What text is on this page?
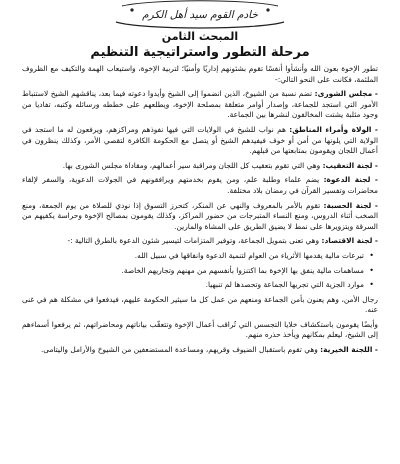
خادم القوم سيد أهل الكرم
المبحث الثامن
مرحلة التطور واستراتيجية التنظيم

تطور الإخوة بعون الله وأنشأوا أنفسًا تقوم بشئونهم إداريًا وأمنيًا؛ لتربية الإخوة، واستيعاب الهمة والتكيف مع الظروف الملئمة، فكانت على النحو التالي:-

- مجلس الشورى: تضم نسبة من الشيوخ، الذين انضموا إلى الشيخ وأيدوا دعوته فيما بعد، يناقشهم الشيخ لاستنباط الأمور التي استجد للجماعة، وإصدار أوامر متعلقة بمصلحة الإخوة، ويطلعهم على خططه ورسائله وكتبه، تفاديا من وجود مثلبة يشتت المخالفون لنشرها بين الجماعة.

- الولاة وأمراء المناطق: هم نواب للشيخ في الولايات التي فيها نفوذهم ومراكزهم، ويرفعون له ما استجد في الولاية التي يلونها من أمن أو خوف فيفيدهم الشيخ أو يتصل مع الحكومة الكافرة لتقصي الأمر، وكذلك ينظرون في أعمال اللجان ويقومون بمتابعتها من قبلهم.

- لجنة التعقيب: وهي التي تقوم بتعقيب كل اللجان ومراقبة سير أعمالهم، ومقاداة مجلس الشورى بها.

- لجنة الدعوة: يضم علماء وطلبة علم، ومن يقوم بخدمتهم ويرافقونهم في الجولات الدعوية، والسفر لإلقاء محاضرات وتفسير القرآن في رمضان بلاد مختلفة.

- لجنة الحسبة: تقوم بالأمر بالمعروف والنهي عن المنكر، كتحرز التسوق إذا نودي للصلاة من يوم الجمعة، ومنع الصخب أثناء الدروس، ومنع النساء المتبرجات من حضور المراكز، وكذلك يقومون بمصالح الإخوة وحراسة يكفيهم من السرقة ويتزويرها على نمط لا يضيق الطريق على المشاة والمارين.

- لجنة الاقتصاد: وهي تعنى بتمويل الجماعة، وتوفير المتزامات لتيسير شئون الدعوة بالطرق التالية :-

• تبرعات مالية يقدمها الأثرياء من العوام لتنمية الدعوة وانفاقها في سبيل الله.
• مساهمات مالية ينفق بها الإخوة بما اكتنزوا بأنفسهم من مهنهم وتجاريهم الخاصة.
• موارد الجزية التي تجريها الجماعة وتحصدها لم تنبهيا.

رجال الأمن، وهم يعنون بأمن الجماعة ومنعهم من عمل كل ما سيثير الحكومة عليهم، فيدفعوا في مشكلة هم في غنى عنه.

وأيضًا يقومون باستكشاف خلايا التجسس التي تُراقب أعمال الإخوة وتتعقّب بياناتهم ومحاضراتهم، ثم يرفعوا أسماءهم إلى الشيخ، ليعلم بمكانهم ويأخذ حذره منهم.

- اللجنة الخيرية: وهي تقوم باستقبال الضيوف وقريهم، ومساعدة المستضعفين من الشيوخ والأرامل واليتامى.
